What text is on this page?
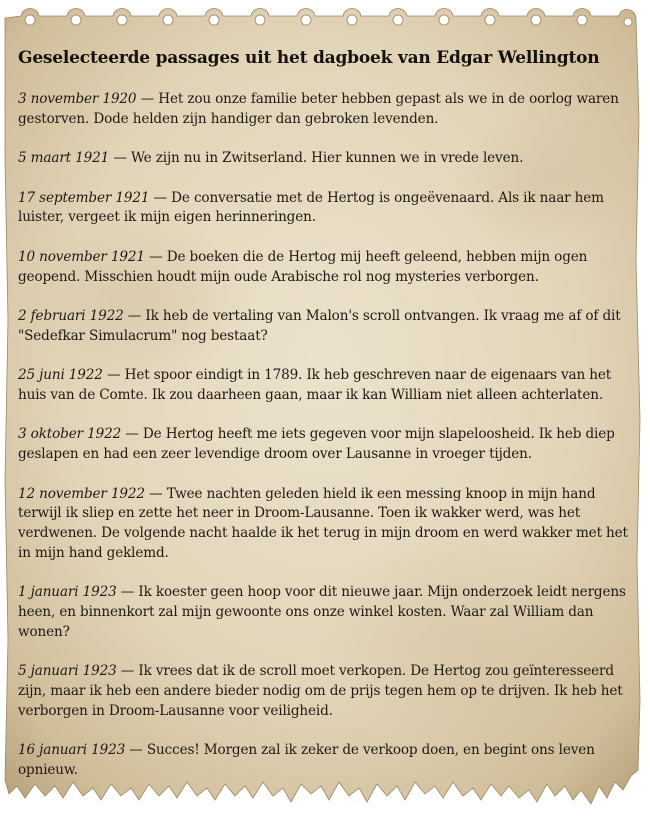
Geselecteerde passages uit het dagboek van Edgar Wellington
3 november 1920 — Het zou onze familie beter hebben gepast als we in de oorlog waren gestorven. Dode helden zijn handiger dan gebroken levenden.
5 maart 1921 — We zijn nu in Zwitserland. Hier kunnen we in vrede leven.
17 september 1921 — De conversatie met de Hertog is ongeëvenaard. Als ik naar hem luister, vergeet ik mijn eigen herinneringen.
10 november 1921 — De boeken die de Hertog mij heeft geleend, hebben mijn ogen geopend. Misschien houdt mijn oude Arabische rol nog mysteries verborgen.
2 februari 1922 — Ik heb de vertaling van Malon's scroll ontvangen. Ik vraag me af of dit "Sedefkar Simulacrum" nog bestaat?
25 juni 1922 — Het spoor eindigt in 1789. Ik heb geschreven naar de eigenaars van het huis van de Comte. Ik zou daarheen gaan, maar ik kan William niet alleen achterlaten.
3 oktober 1922 — De Hertog heeft me iets gegeven voor mijn slapeloosheid. Ik heb diep geslapen en had een zeer levendige droom over Lausanne in vroeger tijden.
12 november 1922 — Twee nachten geleden hield ik een messing knoop in mijn hand terwijl ik sliep en zette het neer in Droom-Lausanne. Toen ik wakker werd, was het verdwenen. De volgende nacht haalde ik het terug in mijn droom en werd wakker met het in mijn hand geklemd.
1 januari 1923 — Ik koester geen hoop voor dit nieuwe jaar. Mijn onderzoek leidt nergens heen, en binnenkort zal mijn gewoonte ons onze winkel kosten. Waar zal William dan wonen?
5 januari 1923 — Ik vrees dat ik de scroll moet verkopen. De Hertog zou geïnteresseerd zijn, maar ik heb een andere bieder nodig om de prijs tegen hem op te drijven. Ik heb het verborgen in Droom-Lausanne voor veiligheid.
16 januari 1923 — Succes! Morgen zal ik zeker de verkoop doen, en begint ons leven opnieuw.
